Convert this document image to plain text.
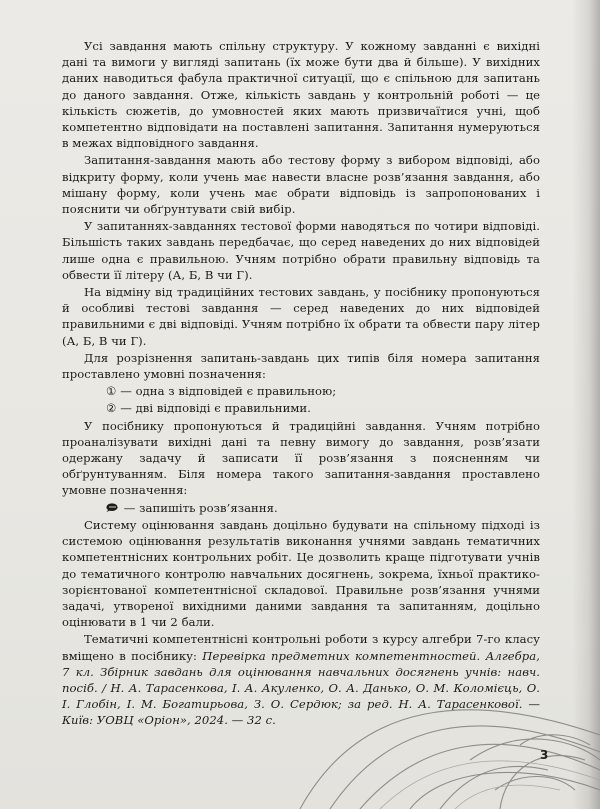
Усі завдання мають спільну структуру. У кожному завданні є вихідні дані та вимоги у вигляді запитань (їх може бути два й більше). У вихідних даних наводиться фабула практичної ситуації, що є спільною для запитань до даного завдання. Отже, кількість завдань у контрольній роботі — це кількість сюжетів, до умовностей яких мають призвичаїтися учні, щоб компетентно відповідати на поставлені запитання. Запитання нумеруються в межах відповідного завдання.

Запитання-завдання мають або тестову форму з вибором відповіді, або відкриту форму, коли учень має навести власне розв’язання завдання, або мішану форму, коли учень має обрати відповідь із запропонованих і пояснити чи обґрунтувати свій вибір.

У запитаннях-завданнях тестової форми наводяться по чотири відповіді. Більшість таких завдань передбачає, що серед наведених до них відповідей лише одна є правильною. Учням потрібно обрати правильну відповідь та обвести її літеру (А, Б, В чи Г).

На відміну від традиційних тестових завдань, у посібнику пропонуються й особливі тестові завдання — серед наведених до них відповідей правильними є дві відповіді. Учням потрібно їх обрати та обвести пару літер (А, Б, В чи Г).

Для розрізнення запитань-завдань цих типів біля номера запитання проставлено умовні позначення:

① — одна з відповідей є правильною;

② — дві відповіді є правильними.

У посібнику пропонуються й традиційні завдання. Учням потрібно проаналізувати вихідні дані та певну вимогу до завдання, розв’язати одержану задачу й записати її розв’язання з поясненням чи обґрунтуванням. Біля номера такого запитання-завдання проставлено умовне позначення:

— запишіть розв’язання.

Систему оцінювання завдань доцільно будувати на спільному підході із системою оцінювання результатів виконання учнями завдань тематичних компетентнісних контрольних робіт. Це дозволить краще підготувати учнів до тематичного контролю навчальних досягнень, зокрема, їхньої практико-зорієнтованої компетентнісної складової. Правильне розв’язання учнями задачі, утвореної вихідними даними завдання та запитанням, доцільно оцінювати в 1 чи 2 бали.

Тематичні компетентнісні контрольні роботи з курсу алгебри 7-го класу вміщено в посібнику: Перевірка предметних компетентностей. Алгебра, 7 кл. Збірник завдань для оцінювання навчальних досягнень учнів: навч. посіб. / Н. А. Тарасенкова, І. А. Акуленко, О. А. Данько, О. М. Коломієць, О. І. Глобін, І. М. Богатирьова, З. О. Сердюк; за ред. Н. А. Тарасенкової. — Київ: УОВЦ «Оріон», 2024. — 32 с.

3
